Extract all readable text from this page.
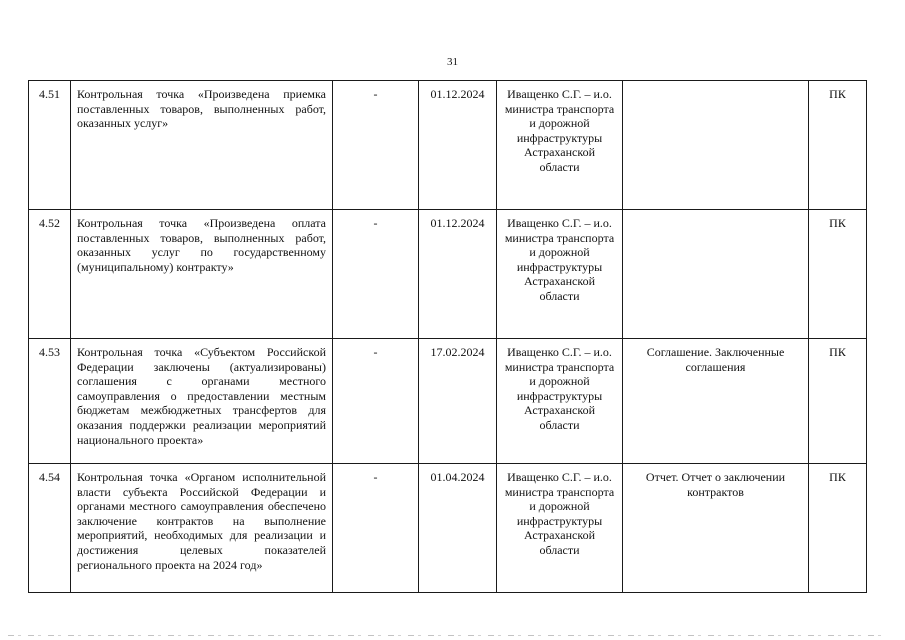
31
4.51	Контрольная точка «Произведена приемка поставленных товаров, выполненных работ, оказанных услуг»	-	01.12.2024	Иващенко С.Г. – и.о. министра транспорта и дорожной инфраструктуры Астраханской области		ПК
4.52	Контрольная точка «Произведена оплата поставленных товаров, выполненных работ, оказанных услуг по государственному (муниципальному) контракту»	-	01.12.2024	Иващенко С.Г. – и.о. министра транспорта и дорожной инфраструктуры Астраханской области		ПК
4.53	Контрольная точка «Субъектом Российской Федерации заключены (актуализированы) соглашения с органами местного самоуправления о предоставлении местным бюджетам межбюджетных трансфертов для оказания поддержки реализации мероприятий национального проекта»	-	17.02.2024	Иващенко С.Г. – и.о. министра транспорта и дорожной инфраструктуры Астраханской области	Соглашение. Заключенные соглашения	ПК
4.54	Контрольная точка «Органом исполнительной власти субъекта Российской Федерации и органами местного самоуправления обеспечено заключение контрактов на выполнение мероприятий, необходимых для реализации и достижения целевых показателей регионального проекта на 2024 год»	-	01.04.2024	Иващенко С.Г. – и.о. министра транспорта и дорожной инфраструктуры Астраханской области	Отчет. Отчет о заключении контрактов	ПК
